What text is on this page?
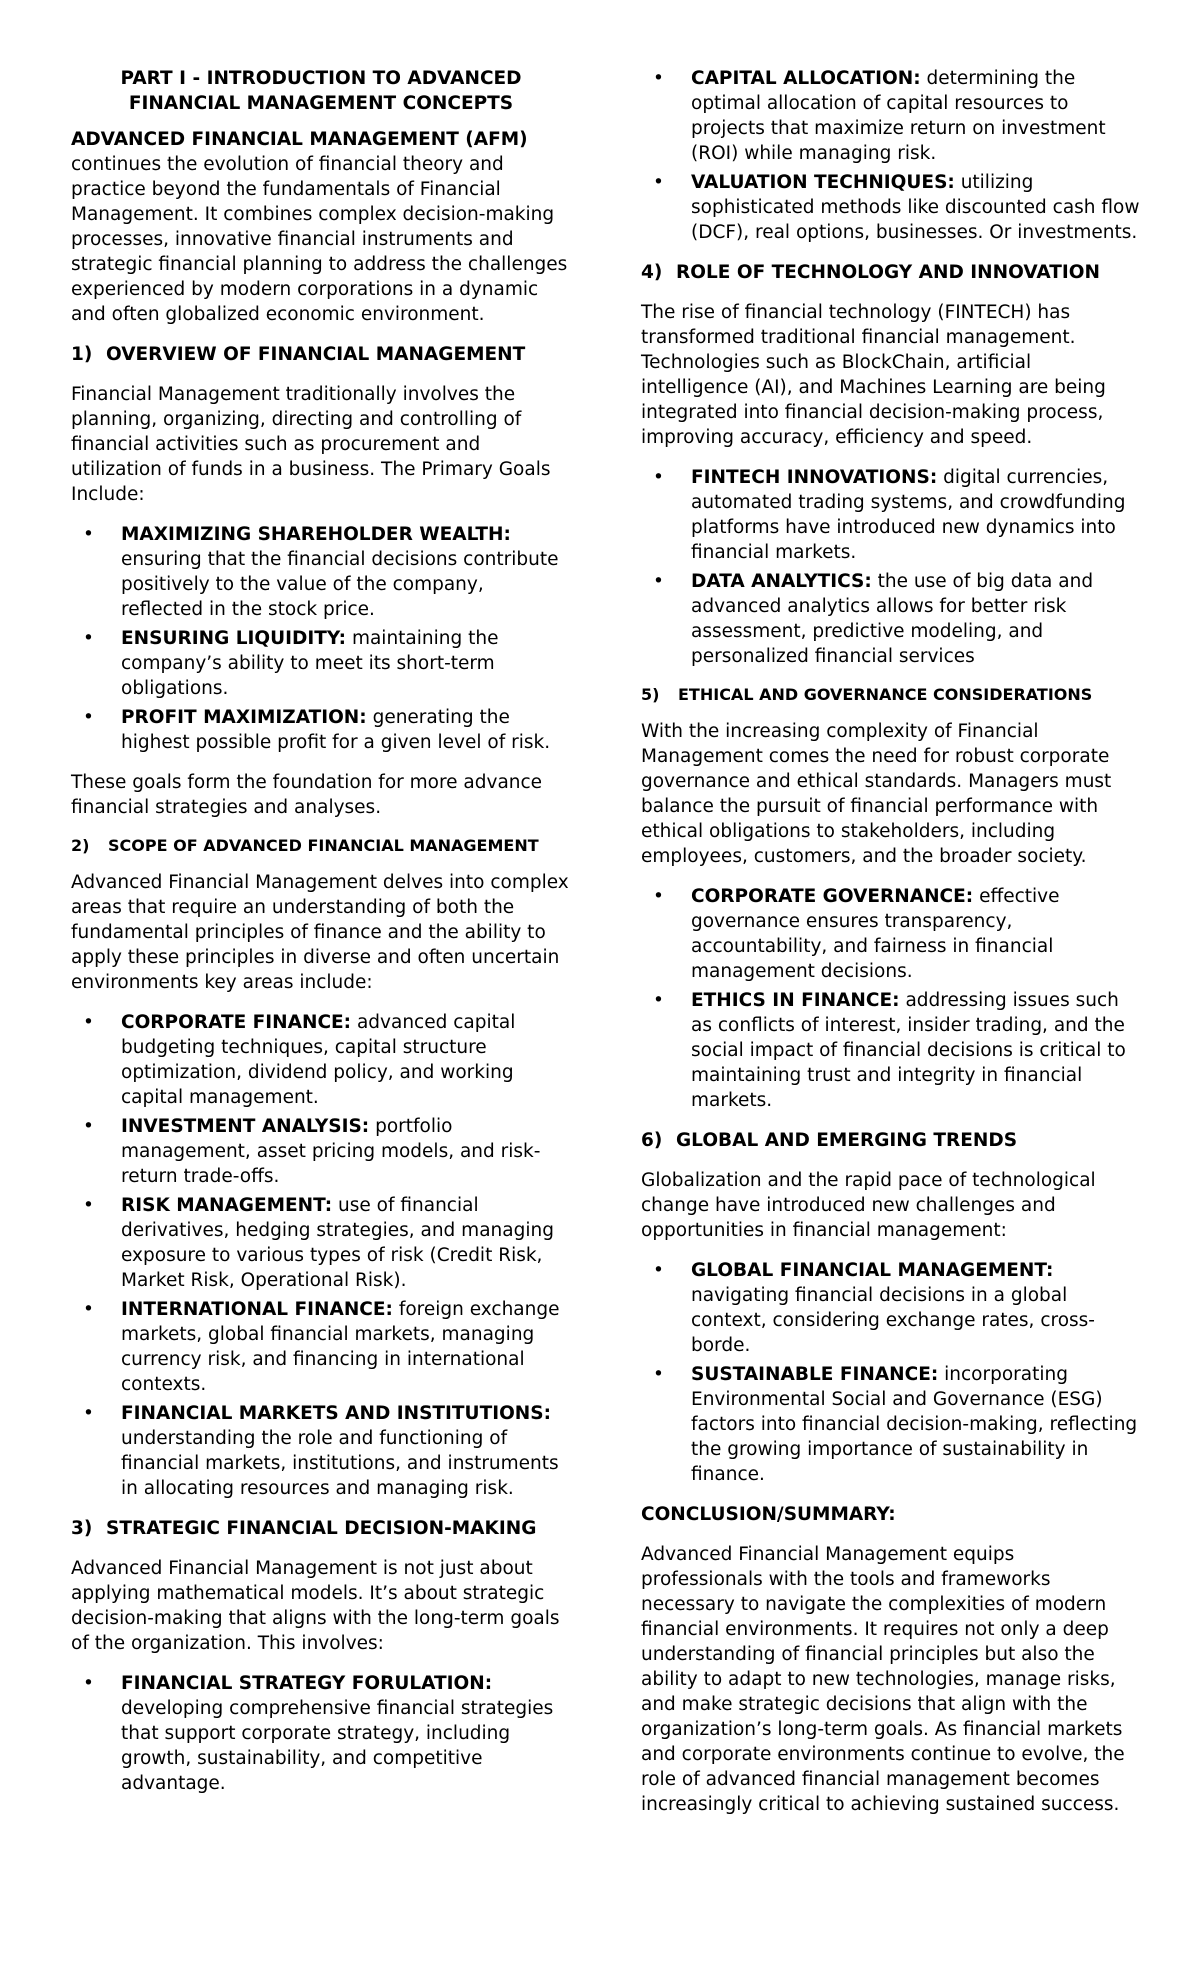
PART I - INTRODUCTION TO ADVANCED FINANCIAL MANAGEMENT CONCEPTS

ADVANCED FINANCIAL MANAGEMENT (AFM) continues the evolution of financial theory and practice beyond the fundamentals of Financial Management. It combines complex decision-making processes, innovative financial instruments and strategic financial planning to address the challenges experienced by modern corporations in a dynamic and often globalized economic environment.

1) OVERVIEW OF FINANCIAL MANAGEMENT

Financial Management traditionally involves the planning, organizing, directing and controlling of financial activities such as procurement and utilization of funds in a business. The Primary Goals Include:

• MAXIMIZING SHAREHOLDER WEALTH: ensuring that the financial decisions contribute positively to the value of the company, reflected in the stock price.
• ENSURING LIQUIDITY: maintaining the company’s ability to meet its short-term obligations.
• PROFIT MAXIMIZATION: generating the highest possible profit for a given level of risk.

These goals form the foundation for more advance financial strategies and analyses.

2)	SCOPE OF ADVANCED FINANCIAL MANAGEMENT

Advanced Financial Management delves into complex areas that require an understanding of both the fundamental principles of finance and the ability to apply these principles in diverse and often uncertain environments key areas include:

• CORPORATE FINANCE: advanced capital budgeting techniques, capital structure optimization, dividend policy, and working capital management.
• INVESTMENT ANALYSIS: portfolio management, asset pricing models, and risk-return trade-offs.
• RISK MANAGEMENT: use of financial derivatives, hedging strategies, and managing exposure to various types of risk (Credit Risk, Market Risk, Operational Risk).
• INTERNATIONAL FINANCE: foreign exchange markets, global financial markets, managing currency risk, and financing in international contexts.
• FINANCIAL MARKETS AND INSTITUTIONS: understanding the role and functioning of financial markets, institutions, and instruments in allocating resources and managing risk.
3) STRATEGIC FINANCIAL DECISION-MAKING

Advanced Financial Management is not just about applying mathematical models. It’s about strategic decision-making that aligns with the long-term goals of the organization. This involves:

• FINANCIAL STRATEGY FORULATION: developing comprehensive financial strategies that support corporate strategy, including growth, sustainability, and competitive advantage.
• CAPITAL ALLOCATION: determining the optimal allocation of capital resources to projects that maximize return on investment (ROI) while managing risk.
• VALUATION TECHNIQUES: utilizing sophisticated methods like discounted cash flow (DCF), real options, businesses. Or investments.
4) ROLE OF TECHNOLOGY AND INNOVATION

The rise of financial technology (FINTECH) has transformed traditional financial management. Technologies such as BlockChain, artificial intelligence (AI), and Machines Learning are being integrated into financial decision-making process, improving accuracy, efficiency and speed.

• FINTECH INNOVATIONS: digital currencies, automated trading systems, and crowdfunding platforms have introduced new dynamics into financial markets.
• DATA ANALYTICS: the use of big data and advanced analytics allows for better risk assessment, predictive modeling, and personalized financial services
5)	ETHICAL AND GOVERNANCE CONSIDERATIONS

With the increasing complexity of Financial Management comes the need for robust corporate governance and ethical standards. Managers must balance the pursuit of financial performance with ethical obligations to stakeholders, including employees, customers, and the broader society.

• CORPORATE GOVERNANCE: effective governance ensures transparency, accountability, and fairness in financial management decisions.
• ETHICS IN FINANCE: addressing issues such as conflicts of interest, insider trading, and the social impact of financial decisions is critical to maintaining trust and integrity in financial markets.
6) GLOBAL AND EMERGING TRENDS

Globalization and the rapid pace of technological change have introduced new challenges and opportunities in financial management:

• GLOBAL FINANCIAL MANAGEMENT: navigating financial decisions in a global context, considering exchange rates, cross-borde.
• SUSTAINABLE FINANCE: incorporating Environmental Social and Governance (ESG) factors into financial decision-making, reflecting the growing importance of sustainability in finance.
CONCLUSION/SUMMARY:

Advanced Financial Management equips professionals with the tools and frameworks necessary to navigate the complexities of modern financial environments. It requires not only a deep understanding of financial principles but also the ability to adapt to new technologies, manage risks, and make strategic decisions that align with the organization’s long-term goals. As financial markets and corporate environments continue to evolve, the role of advanced financial management becomes increasingly critical to achieving sustained success.
